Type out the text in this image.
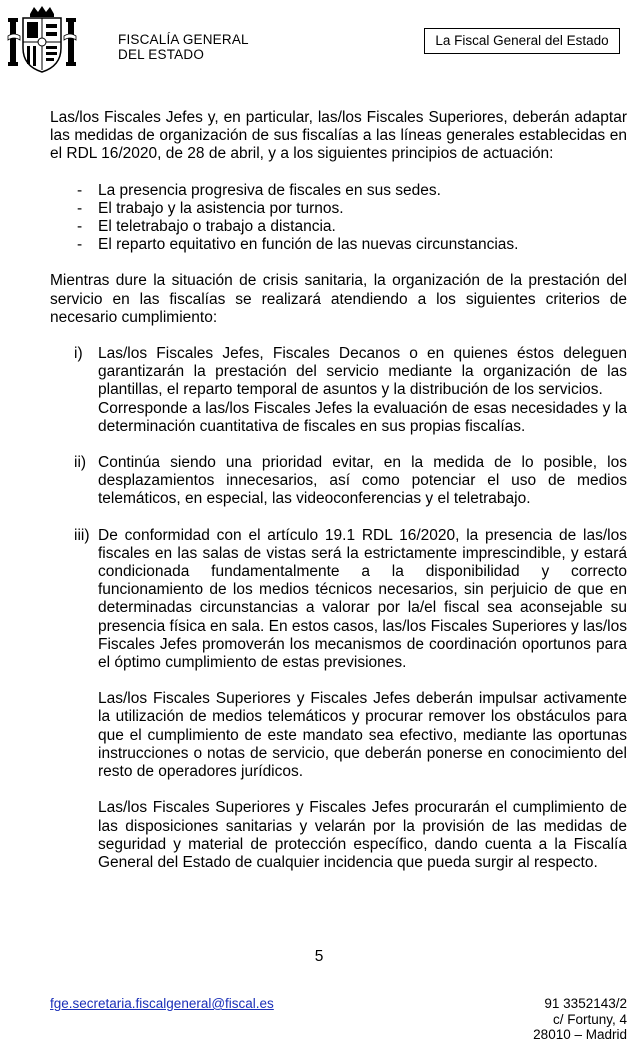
FISCALÍA GENERAL
DEL ESTADO
La Fiscal General del Estado

Las/los Fiscales Jefes y, en particular, las/los Fiscales Superiores, deberán adaptar las medidas de organización de sus fiscalías a las líneas generales establecidas en el RDL 16/2020, de 28 de abril, y a los siguientes principios de actuación:

- La presencia progresiva de fiscales en sus sedes.
- El trabajo y la asistencia por turnos.
- El teletrabajo o trabajo a distancia.
- El reparto equitativo en función de las nuevas circunstancias.

Mientras dure la situación de crisis sanitaria, la organización de la prestación del servicio en las fiscalías se realizará atendiendo a los siguientes criterios de necesario cumplimiento:

i) Las/los Fiscales Jefes, Fiscales Decanos o en quienes éstos deleguen garantizarán la prestación del servicio mediante la organización de las plantillas, el reparto temporal de asuntos y la distribución de los servicios.

Corresponde a las/los Fiscales Jefes la evaluación de esas necesidades y la determinación cuantitativa de fiscales en sus propias fiscalías.

ii) Continúa siendo una prioridad evitar, en la medida de lo posible, los desplazamientos innecesarios, así como potenciar el uso de medios telemáticos, en especial, las videoconferencias y el teletrabajo.

iii) De conformidad con el artículo 19.1 RDL 16/2020, la presencia de las/los fiscales en las salas de vistas será la estrictamente imprescindible, y estará condicionada fundamentalmente a la disponibilidad y correcto funcionamiento de los medios técnicos necesarios, sin perjuicio de que en determinadas circunstancias a valorar por la/el fiscal sea aconsejable su presencia física en sala. En estos casos, las/los Fiscales Superiores y las/los Fiscales Jefes promoverán los mecanismos de coordinación oportunos para el óptimo cumplimiento de estas previsiones.

Las/los Fiscales Superiores y Fiscales Jefes deberán impulsar activamente la utilización de medios telemáticos y procurar remover los obstáculos para que el cumplimiento de este mandato sea efectivo, mediante las oportunas instrucciones o notas de servicio, que deberán ponerse en conocimiento del resto de operadores jurídicos.

Las/los Fiscales Superiores y Fiscales Jefes procurarán el cumplimiento de las disposiciones sanitarias y velarán por la provisión de las medidas de seguridad y material de protección específico, dando cuenta a la Fiscalía General del Estado de cualquier incidencia que pueda surgir al respecto.

5
fge.secretaria.fiscalgeneral@fiscal.es	91 3352143/2
c/ Fortuny, 4
28010 – Madrid
